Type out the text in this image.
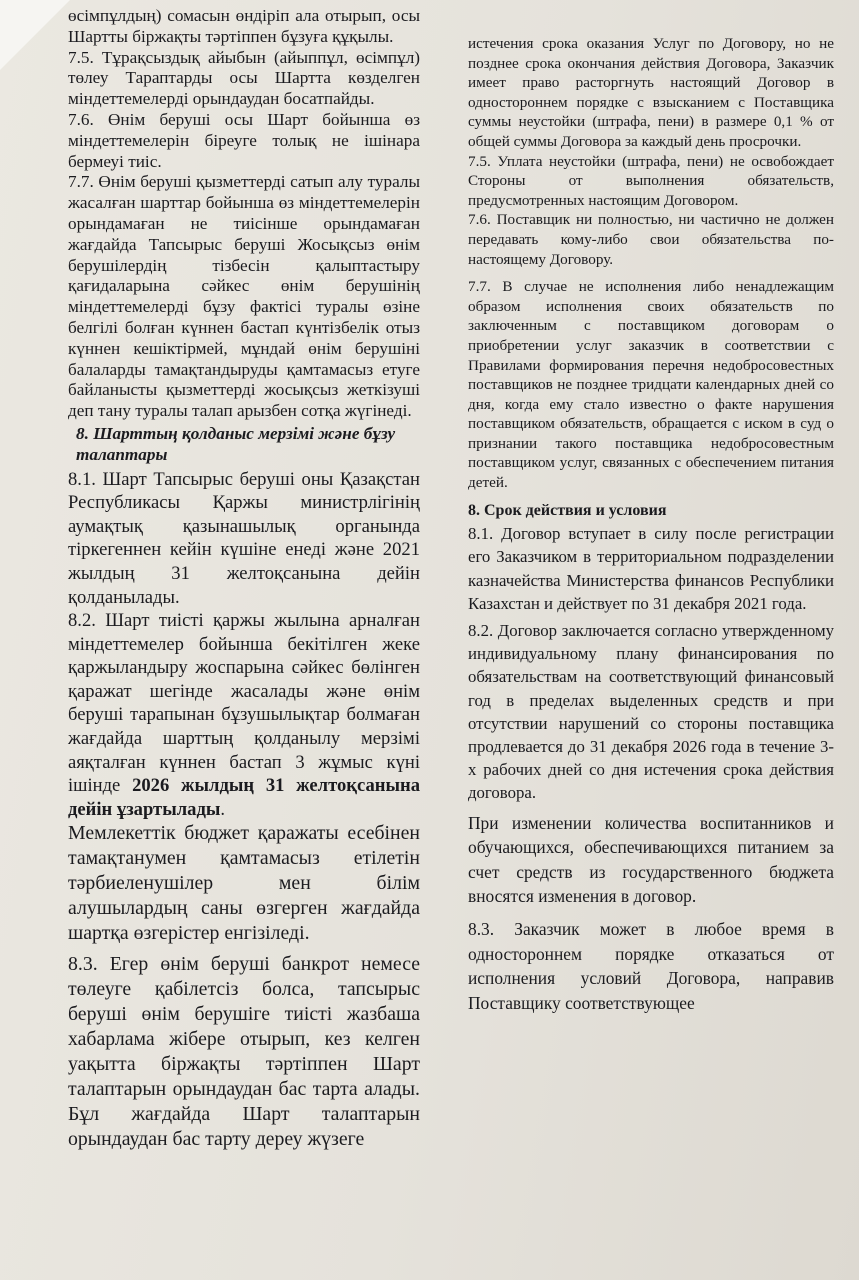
өсімпұлдың) сомасын өндіріп ала отырып, осы Шартты біржақты тәртіппен бұзуға құқылы.

7.5. Тұрақсыздық айыбын (айыппұл, өсімпұл) төлеу Тараптарды осы Шартта көзделген міндеттемелерді орындаудан босатпайды.

7.6. Өнім беруші осы Шарт бойынша өз міндеттемелерін біреуге толық не ішінара бермеуі тиіс.

7.7. Өнім беруші қызметтерді сатып алу туралы жасалған шарттар бойынша өз міндеттемелерін орындамаған не тиісінше орындамаған жағдайда Тапсырыс беруші Жосықсыз өнім берушілердің тізбесін қалыптастыру қағидаларына сәйкес өнім берушінің міндеттемелерді бұзу фактісі туралы өзіне белгілі болған күннен бастап күнтізбелік отыз күннен кешіктірмей, мұндай өнім берушіні балаларды тамақтандыруды қамтамасыз етуге байланысты қызметтерді жосықсыз жеткізуші деп тану туралы талап арызбен сотқа жүгінеді.

8. Шарттың қолданыс мерзімі және бұзу талаптары

8.1. Шарт Тапсырыс беруші оны Қазақстан Республикасы Қаржы министрлігінің аумақтық қазынашылық органында тіркегеннен кейін күшіне енеді және 2021 жылдың 31 желтоқсанына дейін қолданылады.

8.2. Шарт тиісті қаржы жылына арналған міндеттемелер бойынша бекітілген жеке қаржыландыру жоспарына сәйкес бөлінген қаражат шегінде жасалады және өнім беруші тарапынан бұзушылықтар болмаған жағдайда шарттың қолданылу мерзімі аяқталған күннен бастап 3 жұмыс күні ішінде 2026 жылдың 31 желтоқсанына дейін ұзартылады.

Мемлекеттік бюджет қаражаты есебінен тамақтанумен қамтамасыз етілетін тәрбиеленушілер мен білім алушылардың саны өзгерген жағдайда шартқа өзгерістер енгізіледі.

8.3. Егер өнім беруші банкрот немесе төлеуге қабілетсіз болса, тапсырыс беруші өнім берушіге тиісті жазбаша хабарлама жібере отырып, кез келген уақытта біржақты тәртіппен Шарт талаптарын орындаудан бас тарта алады. Бұл жағдайда Шарт талаптарын орындаудан бас тарту дереу жүзеге

истечения срока оказания Услуг по Договору, но не позднее срока окончания действия Договора, Заказчик имеет право расторгнуть настоящий Договор в одностороннем порядке с взысканием с Поставщика суммы неустойки (штрафа, пени) в размере 0,1 % от общей суммы Договора за каждый день просрочки.

7.5. Уплата неустойки (штрафа, пени) не освобождает Стороны от выполнения обязательств, предусмотренных настоящим Договором.

7.6. Поставщик ни полностью, ни частично не должен передавать кому-либо свои обязательства по-настоящему Договору.

7.7. В случае не исполнения либо ненадлежащим образом исполнения своих обязательств по заключенным с поставщиком договорам о приобретении услуг заказчик в соответствии с Правилами формирования перечня недобросовестных поставщиков не позднее тридцати календарных дней со дня, когда ему стало известно о факте нарушения поставщиком обязательств, обращается с иском в суд о признании такого поставщика недобросовестным поставщиком услуг, связанных с обеспечением питания детей.

8. Срок действия и условия

8.1. Договор вступает в силу после регистрации его Заказчиком в территориальном подразделении казначейства Министерства финансов Республики Казахстан и действует по 31 декабря 2021 года.

8.2. Договор заключается согласно утвержденному индивидуальному плану финансирования по обязательствам на соответствующий финансовый год в пределах выделенных средств и при отсутствии нарушений со стороны поставщика продлевается до 31 декабря 2026 года в течение 3-х рабочих дней со дня истечения срока действия договора.

При изменении количества воспитанников и обучающихся, обеспечивающихся питанием за счет средств из государственного бюджета вносятся изменения в договор.

8.3. Заказчик может в любое время в одностороннем порядке отказаться от исполнения условий Договора, направив Поставщику соответствующее
